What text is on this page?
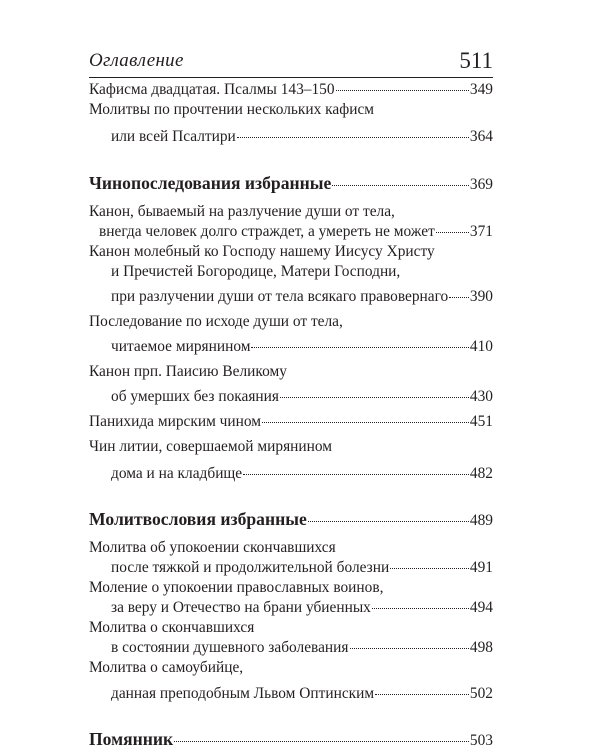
Оглавление	511
Кафисма двадцатая. Псалмы 143–150	349
Молитвы по прочтении нескольких кафисм
или всей Псалтири	364
Чинопоследования избранные	369
Канон, бываемый на разлучение души от тела,
внегда человек долго страждет, а умереть не может 371
Канон молебный ко Господу нашему Иисусу Христу
и Пречистей Богородице, Матери Господни,
при разлучении души от тела всякаго правовернаго 390
Последование по исходе души от тела,
читаемое мирянином	410
Канон прп. Паисию Великому
об умерших без покаяния	430
Панихида мирским чином	451
Чин литии, совершаемой мирянином
дома и на кладбище	482
Молитвословия избранные	489
Молитва об упокоении скончавшихся
после тяжкой и продолжительной болезни	491
Моление о упокоении православных воинов,
за веру и Отечество на брани убиенных	494
Молитва о скончавшихся
в состоянии душевного заболевания	498
Молитва о самоубийце,
данная преподобным Львом Оптинским	502
Помянник	503
